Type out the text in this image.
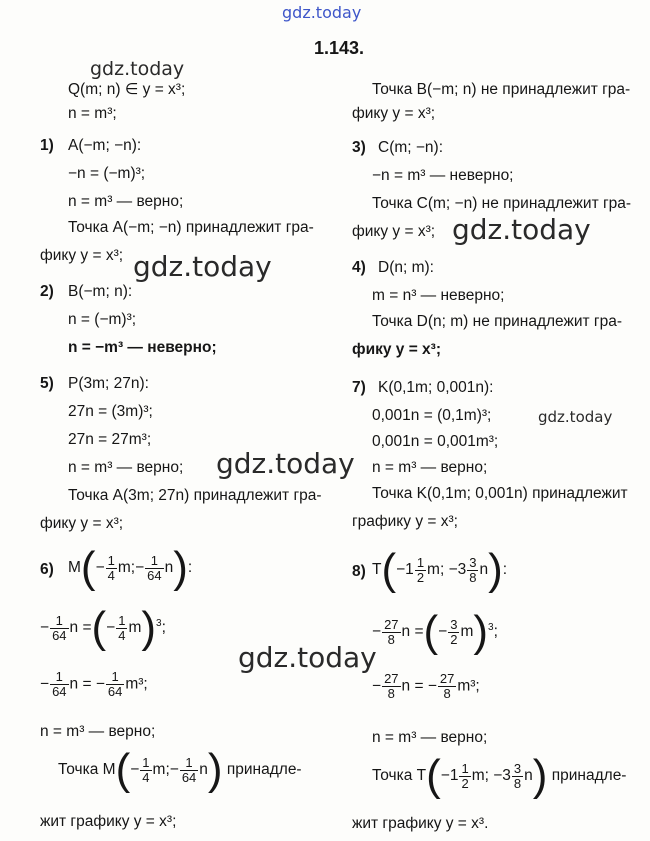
gdz.today
gdz.today
gdz.today
gdz.today
gdz.today
gdz.today
gdz.today
1.143.
Q(m; n) ∈ y = x³;
n = m³;
1) A(−m; −n):
−n = (−m)³;
n = m³ — верно;
Точка A(−m; −n) принадлежит гра-
фику y = x³;
2) B(−m; n):
n = (−m)³;
n = −m³ — неверно;
5) P(3m; 27n):
27n = (3m)³;
27n = 27m³;
n = m³ — верно;
Точка A(3m; 27n) принадлежит гра-
фику y = x³;
6) $M(- \frac{1}{4}$ m;− $\frac{1}{64} n$):
− $\frac{1}{64}$ n =(− $\frac{1}{4} m)^3$;
− $\frac{1}{64}$ n = − $\frac{1}{64} m^3$;
n = m³ — верно;
Точка $M(- \frac{1}{4}$ m;− $\frac{1}{64} n$) принадле-
жит графику y = x³;
Точка B(−m; n) не принадлежит гра-
фику y = x³;
3) C(m; −n):
−n = m³ — неверно;
Точка C(m; −n) не принадлежит гра-
фику y = x³;
4) D(n; m):
m = n³ — неверно;
Точка D(n; m) не принадлежит гра-
фику y = x³;
7) K(0,1m; 0,001n):
0,001n = (0,1m)³;
0,001n = 0,001m³;
n = m³ — верно;
Точка K(0,1m; 0,001n) принадлежит
графику y = x³;
8) $T(-1 \frac{1}{2} m$; $-3 \frac{3}{8} n$):
− $\frac{27}{8}$ n =(− $\frac{3}{2} m)^3$;
− $\frac{27}{8}$ n = − $\frac{27}{8} m^3$;
n = m³ — верно;
Точка $T(-1 \frac{1}{2} m$; $-3 \frac{3}{8} n$) принадле-
жит графику y = x³.
